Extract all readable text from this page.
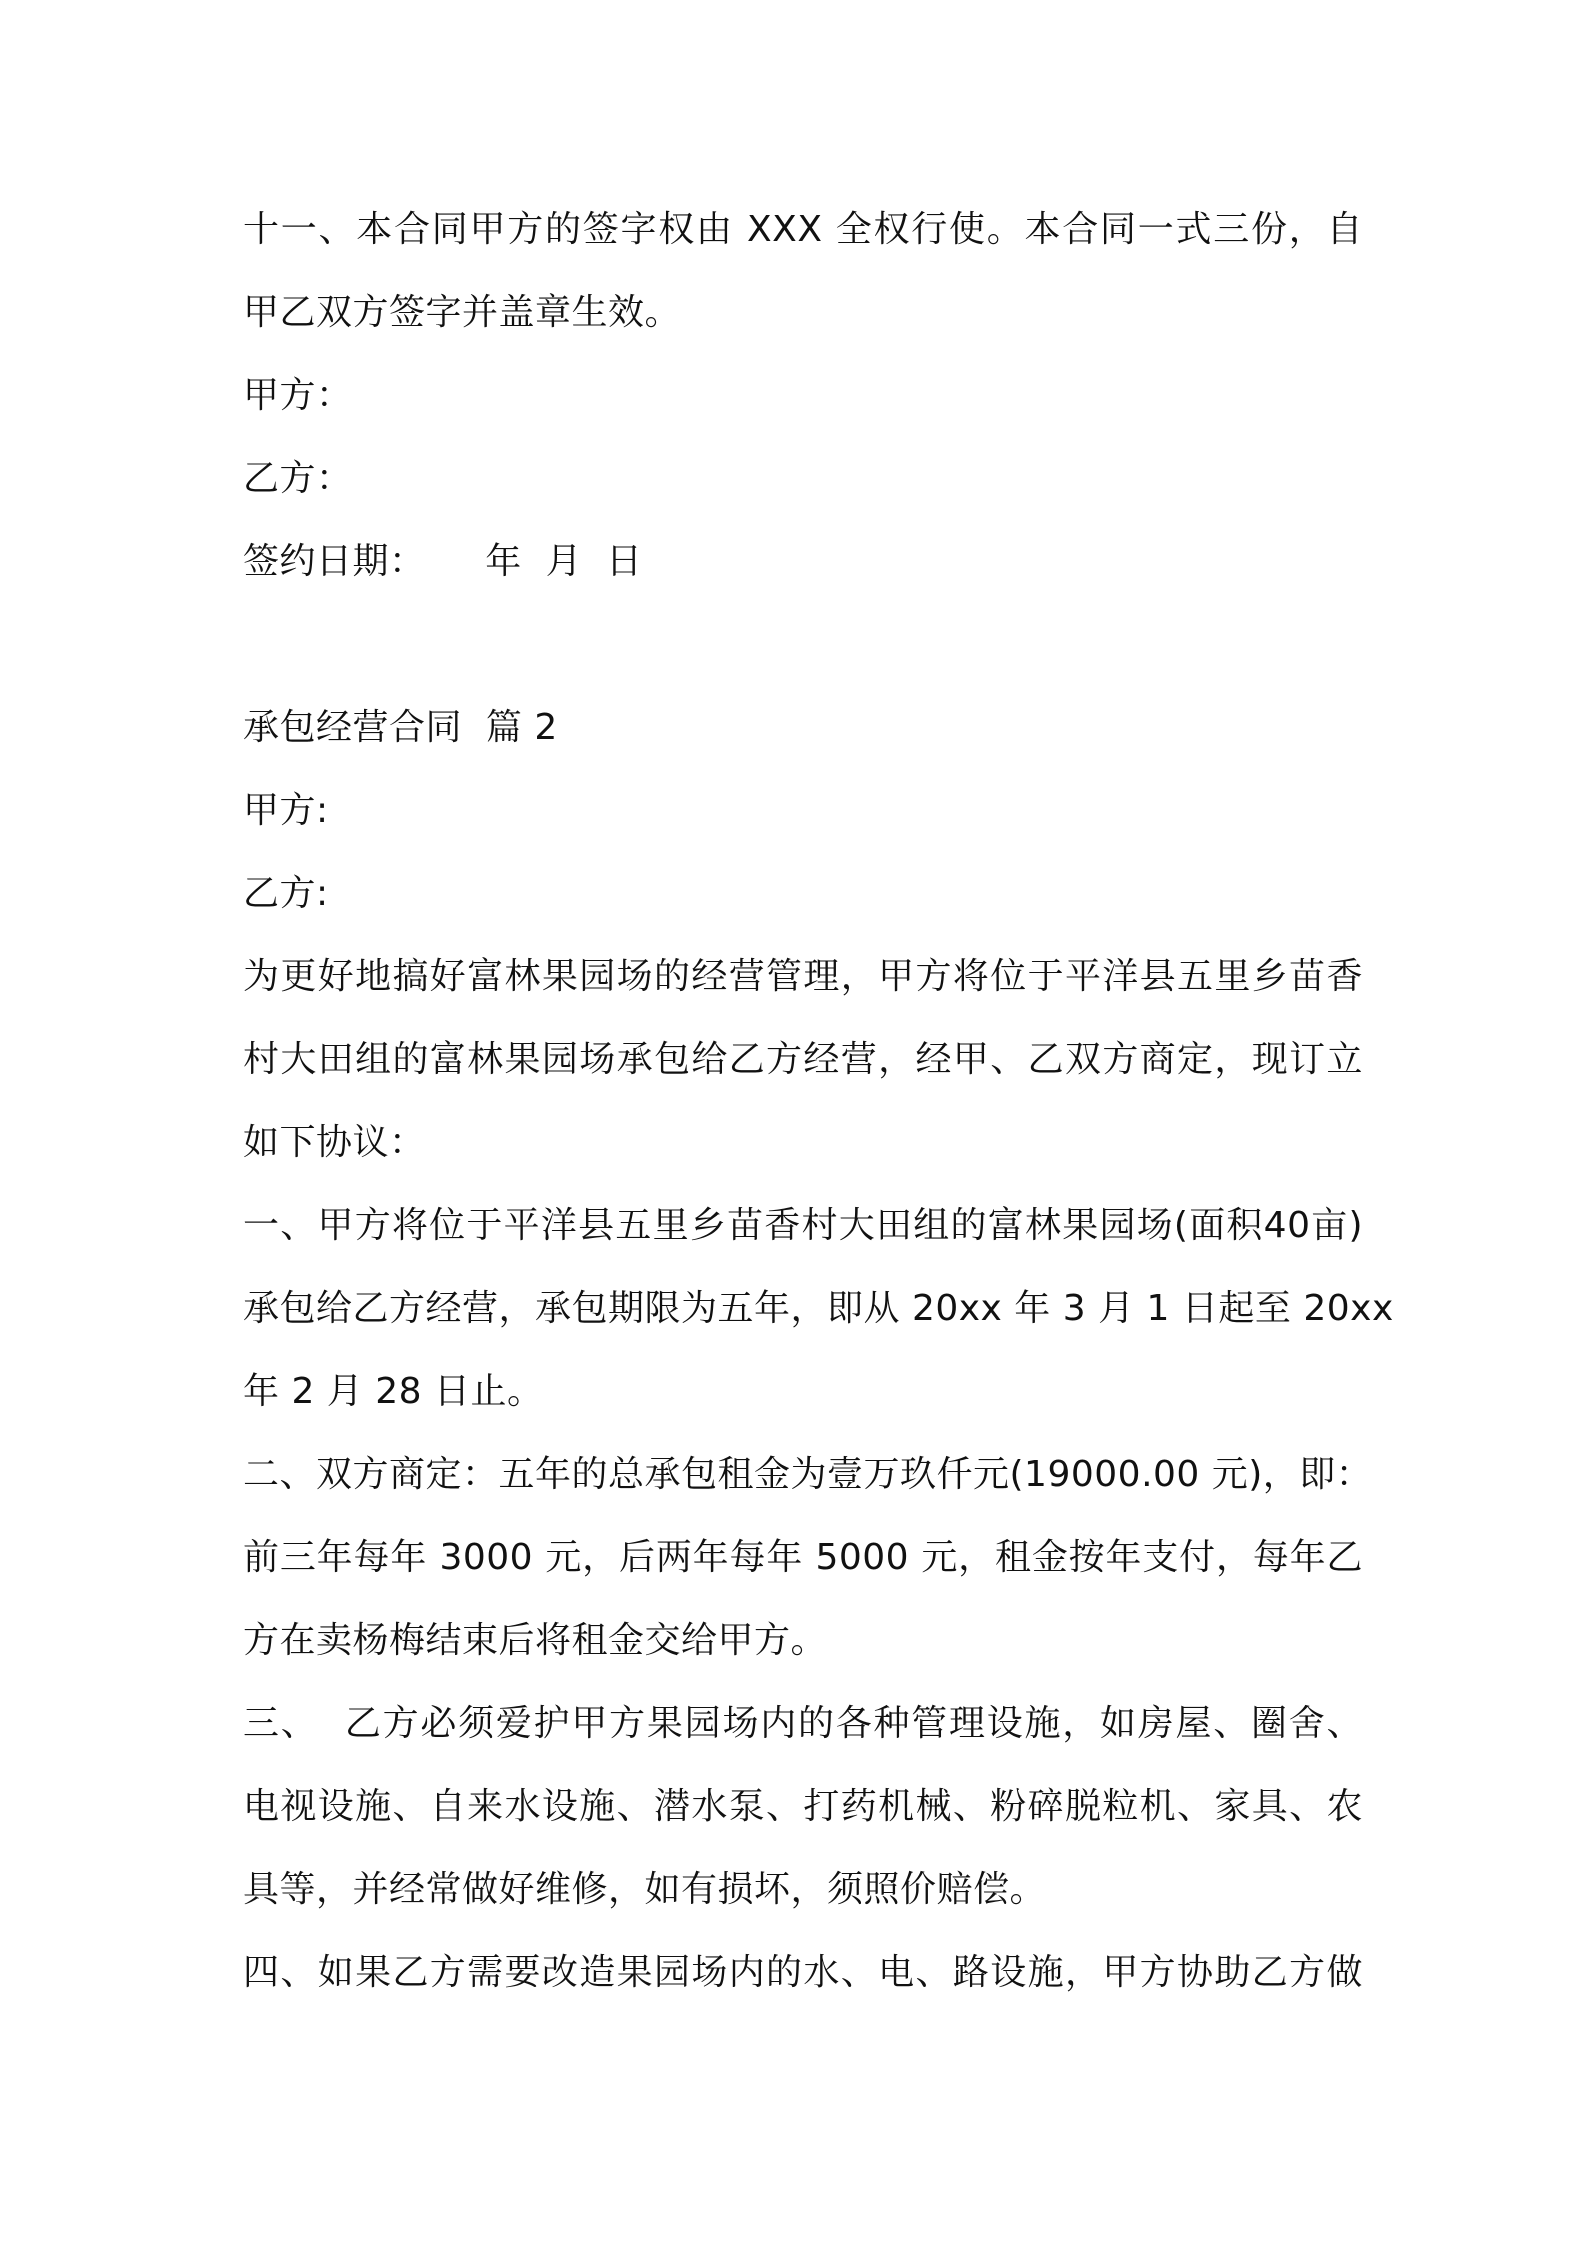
十一、本合同甲方的签字权由 XXX 全权行使。本合同一式三份，自
甲乙双方签字并盖章生效。
甲方：
乙方：
签约日期：     年  月  日
承包经营合同  篇 2
甲方:
乙方:
为更好地搞好富林果园场的经营管理，甲方将位于平洋县五里乡苗香
村大田组的富林果园场承包给乙方经营，经甲、乙双方商定，现订立
如下协议：
一、甲方将位于平洋县五里乡苗香村大田组的富林果园场(面积40亩)
承包给乙方经营，承包期限为五年，即从 20xx 年 3 月 1 日起至 20xx
年 2 月 28 日止。
二、双方商定：五年的总承包租金为壹万玖仟元(19000.00 元)，即：
前三年每年 3000 元，后两年每年 5000 元，租金按年支付，每年乙
方在卖杨梅结束后将租金交给甲方。
三、  乙方必须爱护甲方果园场内的各种管理设施，如房屋、圈舍、
电视设施、自来水设施、潜水泵、打药机械、粉碎脱粒机、家具、农
具等，并经常做好维修，如有损坏，须照价赔偿。
四、如果乙方需要改造果园场内的水、电、路设施，甲方协助乙方做
